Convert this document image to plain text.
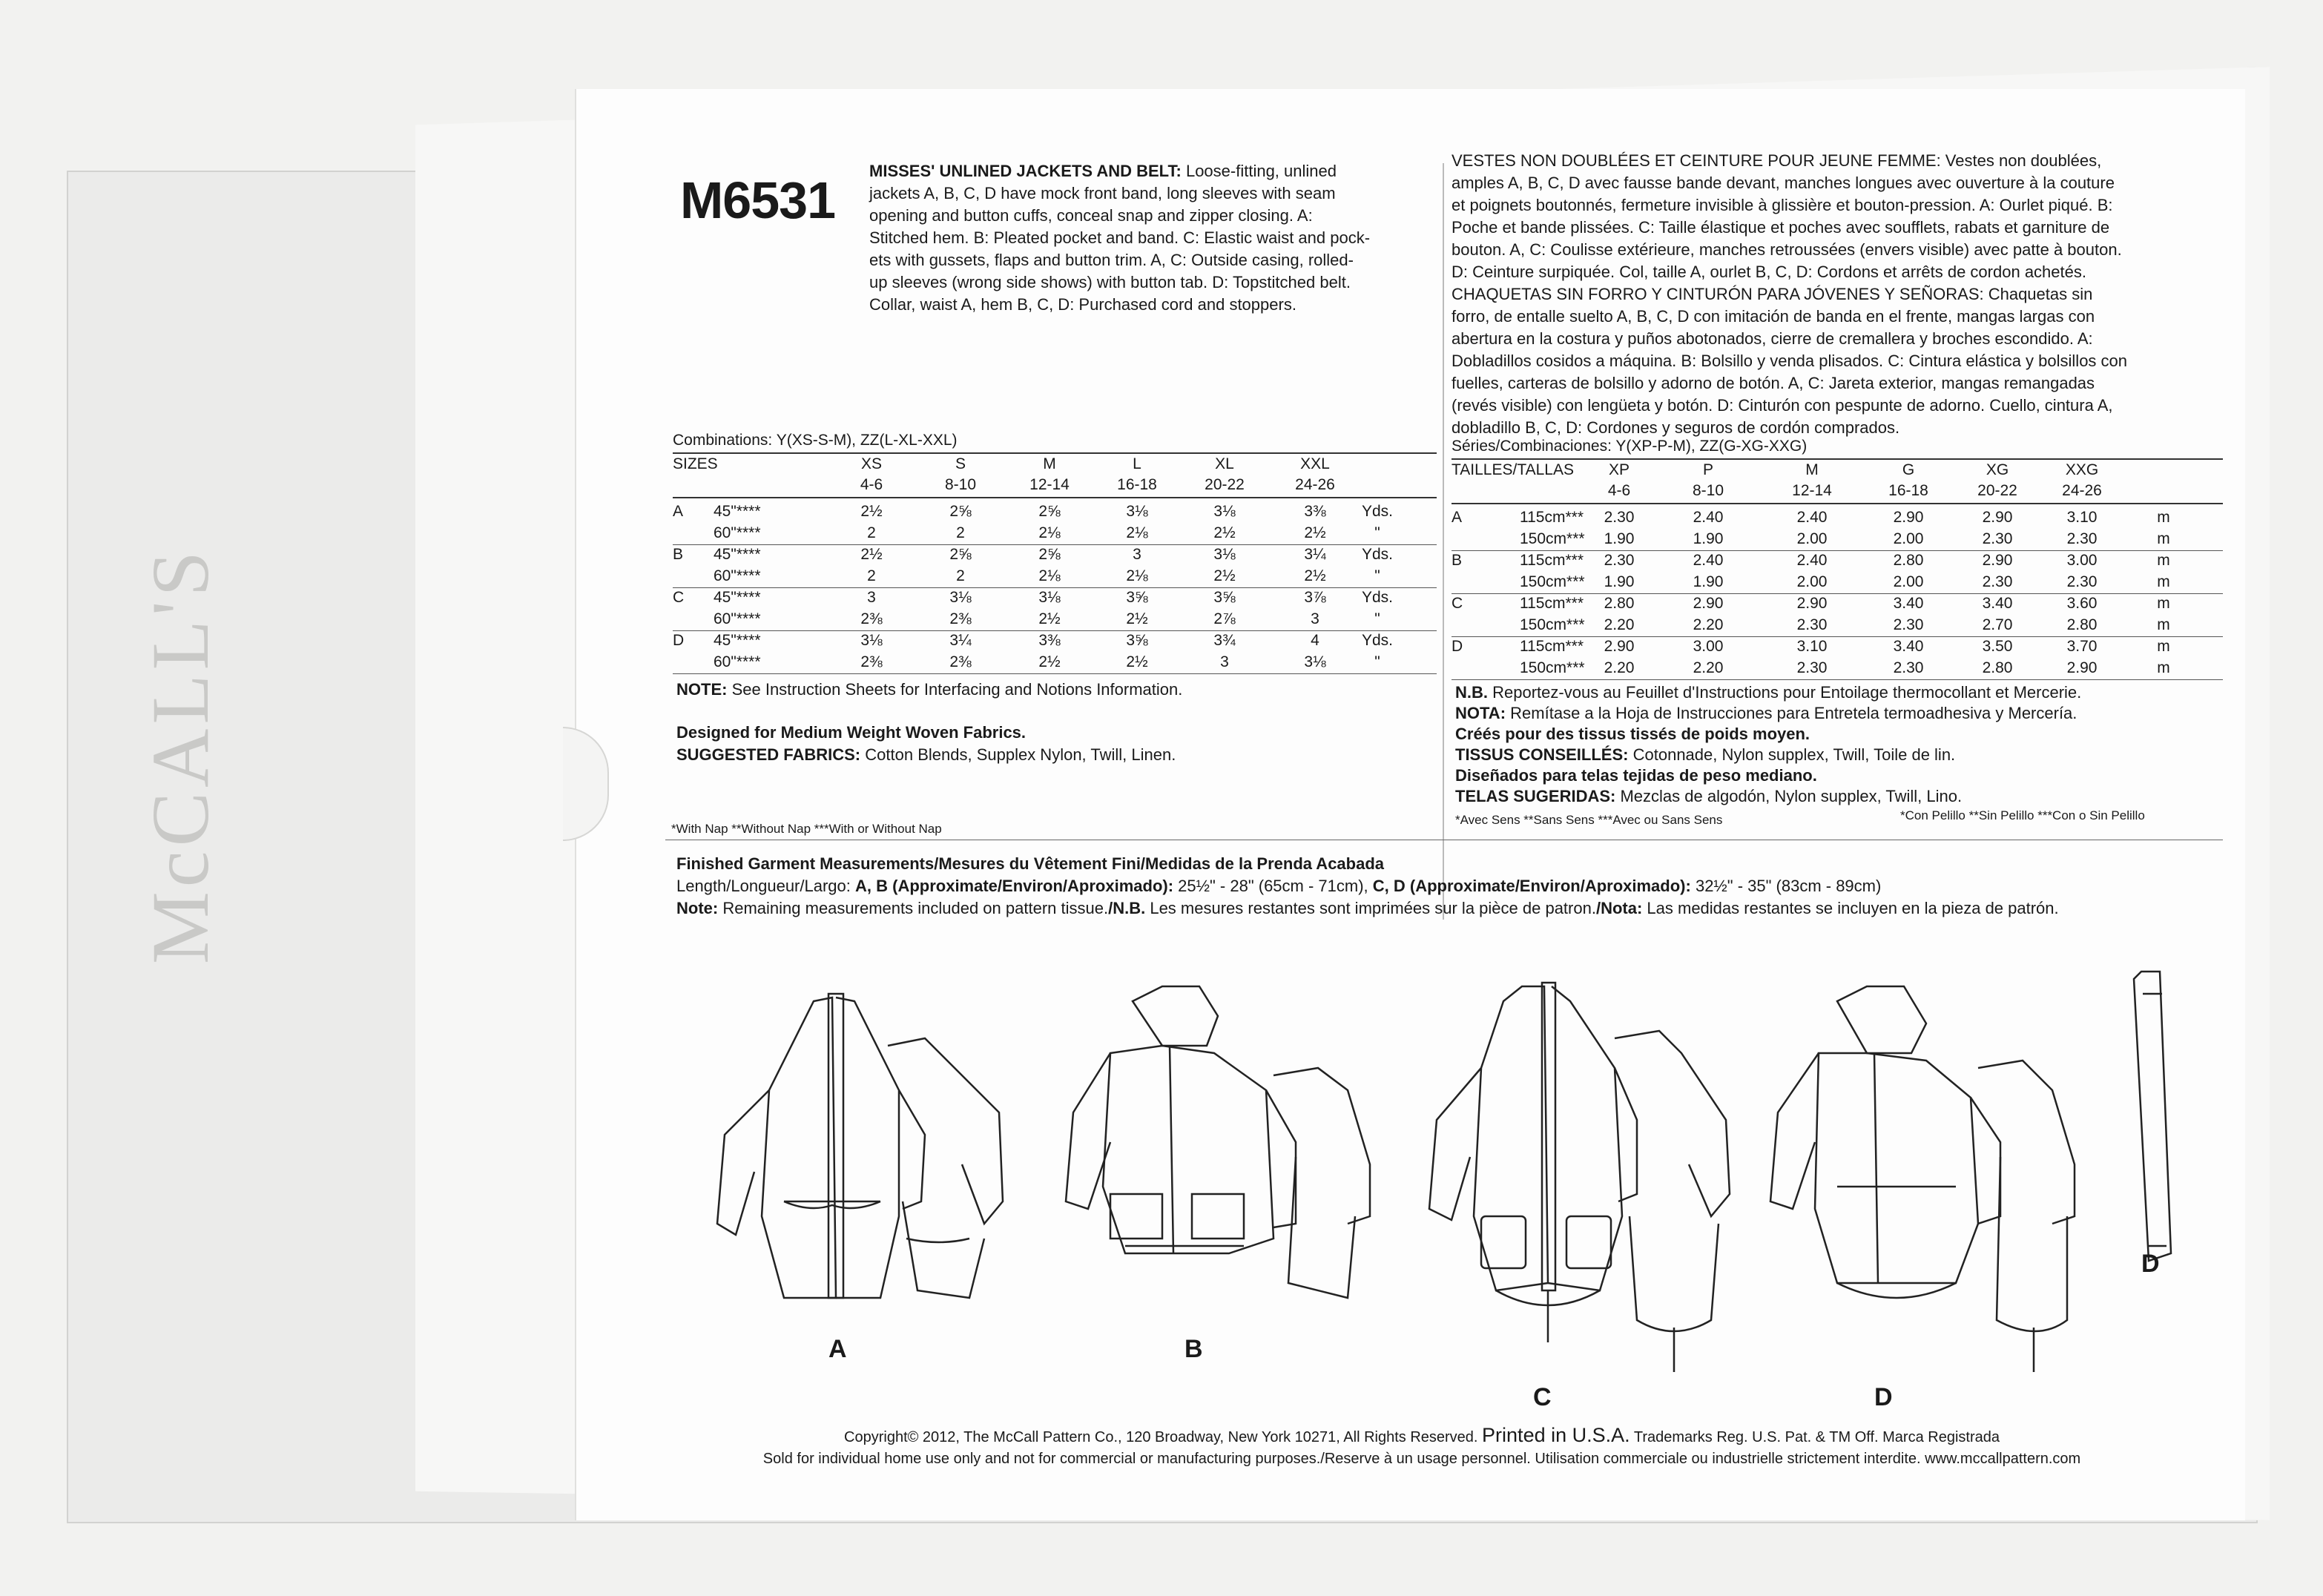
McCALL'S
M6531
MISSES' UNLINED JACKETS AND BELT: Loose-fitting, unlined
jackets A, B, C, D have mock front band, long sleeves with seam
opening and button cuffs, conceal snap and zipper closing. A:
Stitched hem. B: Pleated pocket and band. C: Elastic waist and pock-
ets with gussets, flaps and button trim. A, C: Outside casing, rolled-
up sleeves (wrong side shows) with button tab. D: Topstitched belt.
Collar, waist A, hem B, C, D: Purchased cord and stoppers.
VESTES NON DOUBLÉES ET CEINTURE POUR JEUNE FEMME: Vestes non doublées,
amples A, B, C, D avec fausse bande devant, manches longues avec ouverture à la couture
et poignets boutonnés, fermeture invisible à glissière et bouton-pression. A: Ourlet piqué. B:
Poche et bande plissées. C: Taille élastique et poches avec soufflets, rabats et garniture de
bouton. A, C: Coulisse extérieure, manches retroussées (envers visible) avec patte à bouton.
D: Ceinture surpiquée. Col, taille A, ourlet B, C, D: Cordons et arrêts de cordon achetés.
CHAQUETAS SIN FORRO Y CINTURÓN PARA JÓVENES Y SEÑORAS: Chaquetas sin
forro, de entalle suelto A, B, C, D con imitación de banda en el frente, mangas largas con
abertura en la costura y puños abotonados, cierre de cremallera y broches escondido. A:
Dobladillos cosidos a máquina. B: Bolsillo y venda plisados. C: Cintura elástica y bolsillos con
fuelles, carteras de bolsillo y adorno de botón. A, C: Jareta exterior, mangas remangadas
(revés visible) con lengüeta y botón. D: Cinturón con pespunte de adorno. Cuello, cintura A,
dobladillo B, C, D: Cordones y seguros de cordón comprados.
Combinations: Y(XS-S-M), ZZ(L-XL-XXL)
SIZES	XS	S	M	L	XL	XXL
4-6	8-10	12-14	16-18	20-22	24-26
A	45"****	2½	2⅝	2⅝	3⅛	3⅛	3⅜	Yds.
60"****	2	2	2⅛	2⅛	2½	2½	"
B	45"****	2½	2⅝	2⅝	3	3⅛	3¼	Yds.
60"****	2	2	2⅛	2⅛	2½	2½	"
C	45"****	3	3⅛	3⅛	3⅝	3⅝	3⅞	Yds.
60"****	2⅜	2⅜	2½	2½	2⅞	3	"
D	45"****	3⅛	3¼	3⅜	3⅝	3¾	4	Yds.
60"****	2⅜	2⅜	2½	2½	3	3⅛	"
Séries/Combinaciones: Y(XP-P-M), ZZ(G-XG-XXG)
TAILLES/TALLAS	XP	P	M	G	XG	XXG
4-6	8-10	12-14	16-18	20-22	24-26
A	115cm***	2.30	2.40	2.40	2.90	2.90	3.10	m
150cm***	1.90	1.90	2.00	2.00	2.30	2.30	m
B	115cm***	2.30	2.40	2.40	2.80	2.90	3.00	m
150cm***	1.90	1.90	2.00	2.00	2.30	2.30	m
C	115cm***	2.80	2.90	2.90	3.40	3.40	3.60	m
150cm***	2.20	2.20	2.30	2.30	2.70	2.80	m
D	115cm***	2.90	3.00	3.10	3.40	3.50	3.70	m
150cm***	2.20	2.20	2.30	2.30	2.80	2.90	m
NOTE: See Instruction Sheets for Interfacing and Notions Information.
Designed for Medium Weight Woven Fabrics.
SUGGESTED FABRICS: Cotton Blends, Supplex Nylon, Twill, Linen.
*With Nap **Without Nap ***With or Without Nap
N.B. Reportez-vous au Feuillet d'Instructions pour Entoilage thermocollant et Mercerie.
NOTA: Remítase a la Hoja de Instrucciones para Entretela termoadhesiva y Mercería.
Créés pour des tissus tissés de poids moyen.
TISSUS CONSEILLÉS: Cotonnade, Nylon supplex, Twill, Toile de lin.
Diseñados para telas tejidas de peso mediano.
TELAS SUGERIDAS: Mezclas de algodón, Nylon supplex, Twill, Lino.
*Avec Sens **Sans Sens ***Avec ou Sans Sens	*Con Pelillo **Sin Pelillo ***Con o Sin Pelillo
Finished Garment Measurements/Mesures du Vêtement Fini/Medidas de la Prenda Acabada
Length/Longueur/Largo: A, B (Approximate/Environ/Aproximado): 25½" - 28" (65cm - 71cm), C, D (Approximate/Environ/Aproximado): 32½" - 35" (83cm - 89cm)
Note: Remaining measurements included on pattern tissue./N.B. Les mesures restantes sont imprimées sur la pièce de patron./Nota: Las medidas restantes se incluyen en la pieza de patrón.
A	B
C	D
D
Copyright© 2012, The McCall Pattern Co., 120 Broadway, New York 10271, All Rights Reserved. Printed in U.S.A. Trademarks Reg. U.S. Pat. & TM Off. Marca Registrada
Sold for individual home use only and not for commercial or manufacturing purposes./Reserve à un usage personnel. Utilisation commerciale ou industrielle strictement interdite. www.mccallpattern.com
